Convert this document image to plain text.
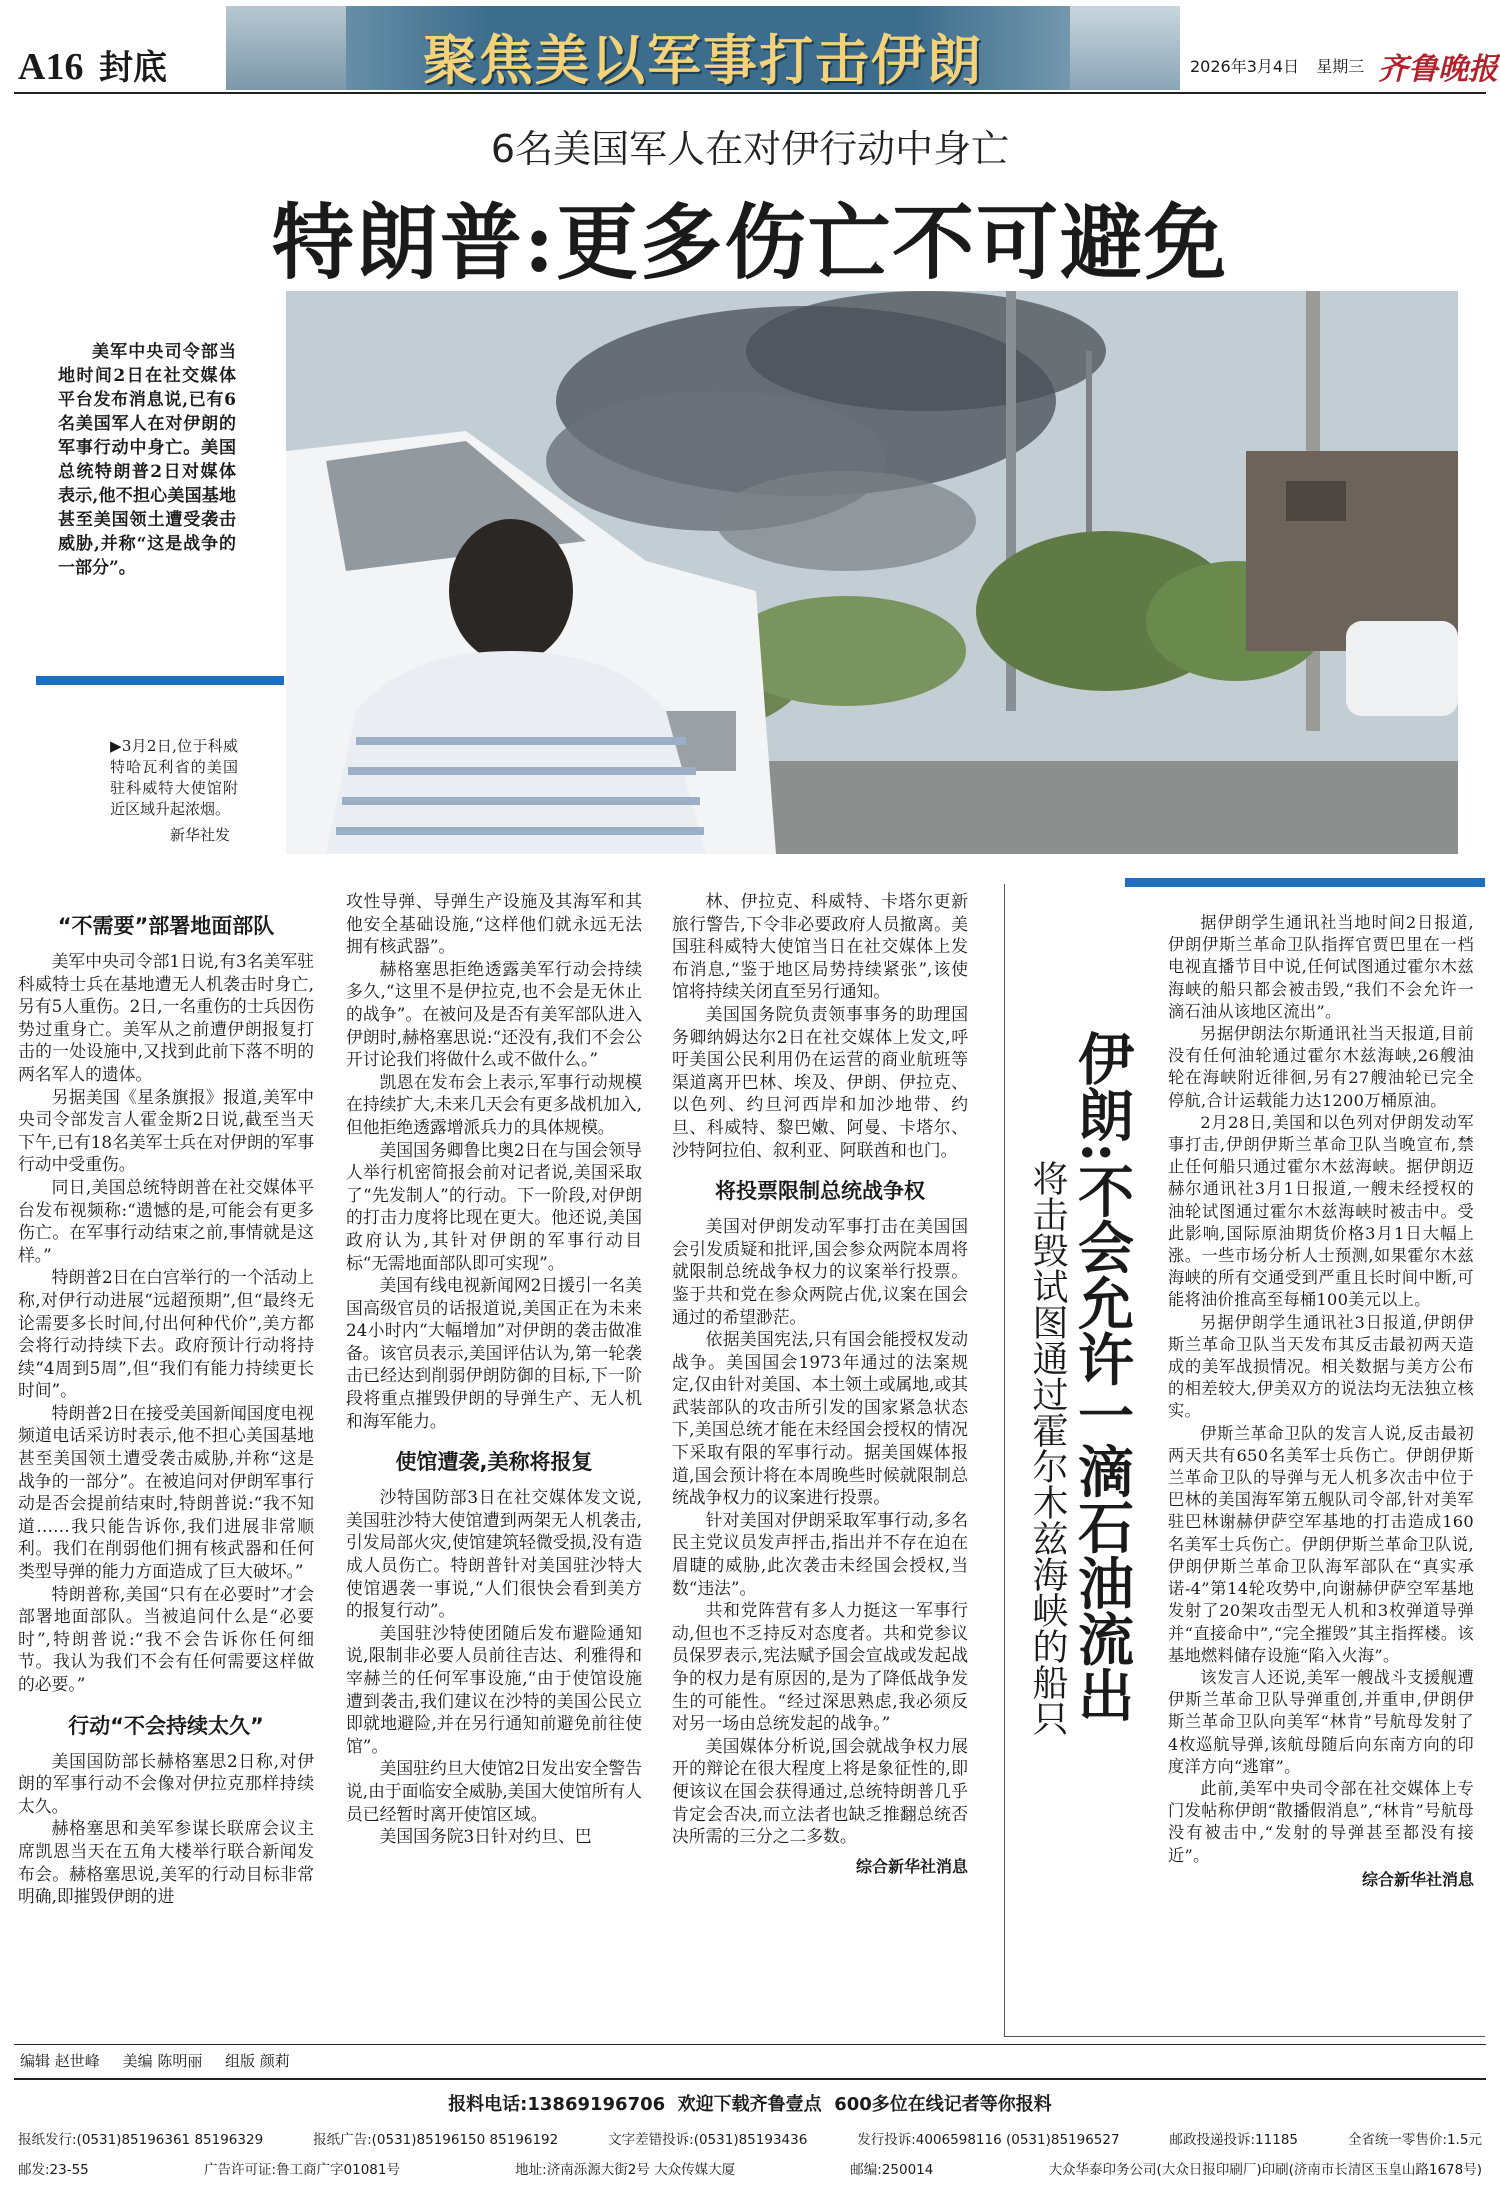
A16 封底	聚焦美以军事打击伊朗	2026年3月4日 星期三 齐鲁晚报
6名美国军人在对伊行动中身亡
特朗普:更多伤亡不可避免
美军中央司令部当地时间2日在社交媒体平台发布消息说,已有6名美国军人在对伊朗的军事行动中身亡。美国总统特朗普2日对媒体表示,他不担心美国基地甚至美国领土遭受袭击威胁,并称“这是战争的一部分”。
▶3月2日,位于科威特哈瓦利省的美国驻科威特大使馆附近区域升起浓烟。
新华社发
“不需要”部署地面部队

美军中央司令部1日说,有3名美军驻科威特士兵在基地遭无人机袭击时身亡,另有5人重伤。2日,一名重伤的士兵因伤势过重身亡。美军从之前遭伊朗报复打击的一处设施中,又找到此前下落不明的两名军人的遗体。

另据美国《星条旗报》报道,美军中央司令部发言人霍金斯2日说,截至当天下午,已有18名美军士兵在对伊朗的军事行动中受重伤。

同日,美国总统特朗普在社交媒体平台发布视频称:“遗憾的是,可能会有更多伤亡。在军事行动结束之前,事情就是这样。”

特朗普2日在白宫举行的一个活动上称,对伊行动进展“远超预期”,但“最终无论需要多长时间,付出何种代价”,美方都会将行动持续下去。政府预计行动将持续“4周到5周”,但“我们有能力持续更长时间”。

特朗普2日在接受美国新闻国度电视频道电话采访时表示,他不担心美国基地甚至美国领土遭受袭击威胁,并称“这是战争的一部分”。在被追问对伊朗军事行动是否会提前结束时,特朗普说:“我不知道……我只能告诉你,我们进展非常顺利。我们在削弱他们拥有核武器和任何类型导弹的能力方面造成了巨大破坏。”

特朗普称,美国“只有在必要时”才会部署地面部队。当被追问什么是“必要时”,特朗普说:“我不会告诉你任何细节。我认为我们不会有任何需要这样做的必要。”

行动“不会持续太久”

美国国防部长赫格塞思2日称,对伊朗的军事行动不会像对伊拉克那样持续太久。

赫格塞思和美军参谋长联席会议主席凯恩当天在五角大楼举行联合新闻发布会。赫格塞思说,美军的行动目标非常明确,即摧毁伊朗的进

攻性导弹、导弹生产设施及其海军和其他安全基础设施,“这样他们就永远无法拥有核武器”。

赫格塞思拒绝透露美军行动会持续多久,“这里不是伊拉克,也不会是无休止的战争”。在被问及是否有美军部队进入伊朗时,赫格塞思说:“还没有,我们不会公开讨论我们将做什么或不做什么。”

凯恩在发布会上表示,军事行动规模在持续扩大,未来几天会有更多战机加入,但他拒绝透露增派兵力的具体规模。

美国国务卿鲁比奥2日在与国会领导人举行机密简报会前对记者说,美国采取了“先发制人”的行动。下一阶段,对伊朗的打击力度将比现在更大。他还说,美国政府认为,其针对伊朗的军事行动目标“无需地面部队即可实现”。

美国有线电视新闻网2日援引一名美国高级官员的话报道说,美国正在为未来24小时内“大幅增加”对伊朗的袭击做准备。该官员表示,美国评估认为,第一轮袭击已经达到削弱伊朗防御的目标,下一阶段将重点摧毁伊朗的导弹生产、无人机和海军能力。

使馆遭袭,美称将报复

沙特国防部3日在社交媒体发文说,美国驻沙特大使馆遭到两架无人机袭击,引发局部火灾,使馆建筑轻微受损,没有造成人员伤亡。特朗普针对美国驻沙特大使馆遇袭一事说,“人们很快会看到美方的报复行动”。

美国驻沙特使团随后发布避险通知说,限制非必要人员前往吉达、利雅得和宰赫兰的任何军事设施,“由于使馆设施遭到袭击,我们建议在沙特的美国公民立即就地避险,并在另行通知前避免前往使馆”。

美国驻约旦大使馆2日发出安全警告说,由于面临安全威胁,美国大使馆所有人员已经暂时离开使馆区域。

美国国务院3日针对约旦、巴

林、伊拉克、科威特、卡塔尔更新旅行警告,下令非必要政府人员撤离。美国驻科威特大使馆当日在社交媒体上发布消息,“鉴于地区局势持续紧张”,该使馆将持续关闭直至另行通知。

美国国务院负责领事事务的助理国务卿纳姆达尔2日在社交媒体上发文,呼吁美国公民利用仍在运营的商业航班等渠道离开巴林、埃及、伊朗、伊拉克、以色列、约旦河西岸和加沙地带、约旦、科威特、黎巴嫩、阿曼、卡塔尔、沙特阿拉伯、叙利亚、阿联酋和也门。

将投票限制总统战争权

美国对伊朗发动军事打击在美国国会引发质疑和批评,国会参众两院本周将就限制总统战争权力的议案举行投票。鉴于共和党在参众两院占优,议案在国会通过的希望渺茫。

依据美国宪法,只有国会能授权发动战争。美国国会1973年通过的法案规定,仅由针对美国、本土领土或属地,或其武装部队的攻击所引发的国家紧急状态下,美国总统才能在未经国会授权的情况下采取有限的军事行动。据美国媒体报道,国会预计将在本周晚些时候就限制总统战争权力的议案进行投票。

针对美国对伊朗采取军事行动,多名民主党议员发声抨击,指出并不存在迫在眉睫的威胁,此次袭击未经国会授权,当数“违法”。

共和党阵营有多人力挺这一军事行动,但也不乏持反对态度者。共和党参议员保罗表示,宪法赋予国会宣战或发起战争的权力是有原因的,是为了降低战争发生的可能性。“经过深思熟虑,我必须反对另一场由总统发起的战争。”

美国媒体分析说,国会就战争权力展开的辩论在很大程度上将是象征性的,即便该议在国会获得通过,总统特朗普几乎肯定会否决,而立法者也缺乏推翻总统否决所需的三分之二多数。

综合新华社消息
伊朗:不会允许一滴石油流出
将击毁试图通过霍尔木兹海峡的船只

据伊朗学生通讯社当地时间2日报道,伊朗伊斯兰革命卫队指挥官贾巴里在一档电视直播节目中说,任何试图通过霍尔木兹海峡的船只都会被击毁,“我们不会允许一滴石油从该地区流出”。

另据伊朗法尔斯通讯社当天报道,目前没有任何油轮通过霍尔木兹海峡,26艘油轮在海峡附近徘徊,另有27艘油轮已完全停航,合计运载能力达1200万桶原油。

2月28日,美国和以色列对伊朗发动军事打击,伊朗伊斯兰革命卫队当晚宣布,禁止任何船只通过霍尔木兹海峡。据伊朗迈赫尔通讯社3月1日报道,一艘未经授权的油轮试图通过霍尔木兹海峡时被击中。受此影响,国际原油期货价格3月1日大幅上涨。一些市场分析人士预测,如果霍尔木兹海峡的所有交通受到严重且长时间中断,可能将油价推高至每桶100美元以上。

另据伊朗学生通讯社3日报道,伊朗伊斯兰革命卫队当天发布其反击最初两天造成的美军战损情况。相关数据与美方公布的相差较大,伊美双方的说法均无法独立核实。

伊斯兰革命卫队的发言人说,反击最初两天共有650名美军士兵伤亡。伊朗伊斯兰革命卫队的导弹与无人机多次击中位于巴林的美国海军第五舰队司令部,针对美军驻巴林谢赫伊萨空军基地的打击造成160名美军士兵伤亡。伊朗伊斯兰革命卫队说,伊朗伊斯兰革命卫队海军部队在“真实承诺-4”第14轮攻势中,向谢赫伊萨空军基地发射了20架攻击型无人机和3枚弹道导弹并“直接命中”,“完全摧毁”其主指挥楼。该基地燃料储存设施“陷入火海”。

该发言人还说,美军一艘战斗支援舰遭伊斯兰革命卫队导弹重创,并重申,伊朗伊斯兰革命卫队向美军“林肯”号航母发射了4枚巡航导弹,该航母随后向东南方向的印度洋方向“逃窜”。

此前,美军中央司令部在社交媒体上专门发帖称伊朗“散播假消息”,“林肯”号航母没有被击中,“发射的导弹甚至都没有接近”。

综合新华社消息
编辑 赵世峰 美编 陈明丽 组版 颜莉
报料电话:13869196706  欢迎下载齐鲁壹点  600多位在线记者等你报料
报纸发行:(0531)85196361 85196329	报纸广告:(0531)85196150 85196192	文字差错投诉:(0531)85193436	发行投诉:4006598116 (0531)85196527	邮政投递投诉:11185	全省统一零售价:1.5元
邮发:23-55	广告许可证:鲁工商广字01081号	地址:济南泺源大街2号 大众传媒大厦	邮编:250014	大众华泰印务公司(大众日报印刷厂)印刷(济南市长清区玉皇山路1678号)
